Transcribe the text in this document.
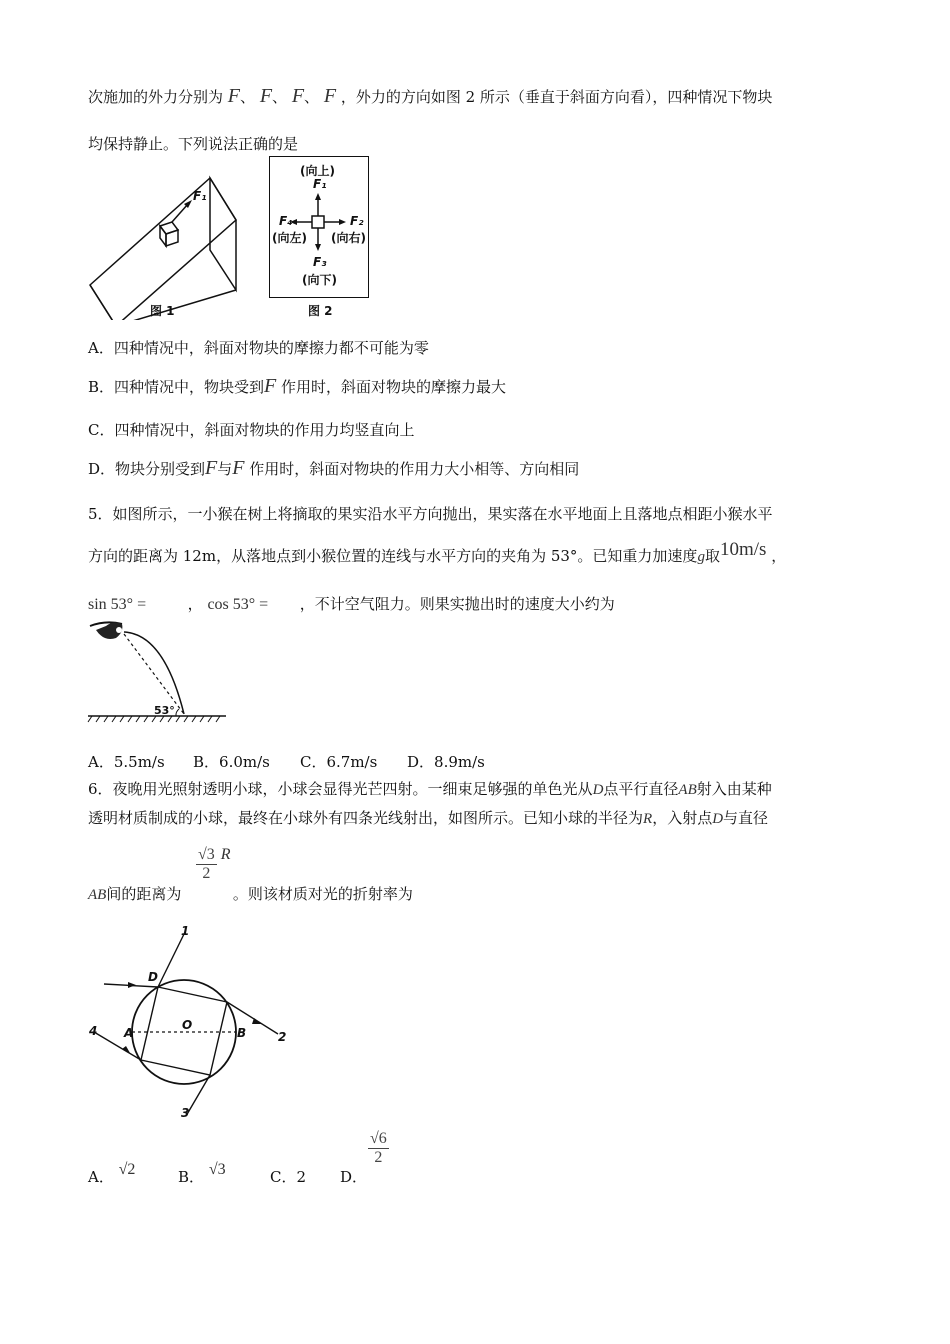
次施加的外力分别为 F、 F、 F、 F ，外力的方向如图 2 所示（垂直于斜面方向看），四种情况下物块
均保持静止。下列说法正确的是
F₁
图 1
(向上)
F₁
F₂
(向右)
F₃
(向下)
F₄
(向左)
图 2
A．四种情况中，斜面对物块的摩擦力都不可能为零
B．四种情况中，物块受到F 作用时，斜面对物块的摩擦力最大
C．四种情况中，斜面对物块的作用力均竖直向上
D．物块分别受到F与F 作用时，斜面对物块的作用力大小相等、方向相同
5．如图所示，一小猴在树上将摘取的果实沿水平方向抛出，果实落在水平地面上且落地点相距小猴水平
方向的距离为 12m，从落地点到小猴位置的连线与水平方向的夹角为 53°。已知重力加速度g取10m/s ，
sin 53° =	， cos 53° = ，不计空气阻力。则果实抛出时的速度大小约为
53°
A．5.5m/s B．6.0m/s C．6.7m/s D．8.9m/s
6．夜晚用光照射透明小球，小球会显得光芒四射。一细束足够强的单色光从D点平行直径AB射入由某种
透明材质制成的小球，最终在小球外有四条光线射出，如图所示。已知小球的半径为R，入射点D与直径
$\frac{√3}{2}$ R
AB间的距离为	。则该材质对光的折射率为
1
2
3
4 A	B
D
O
A． √2	B． √3	C．2 D．
$\frac{√6}{2}$
